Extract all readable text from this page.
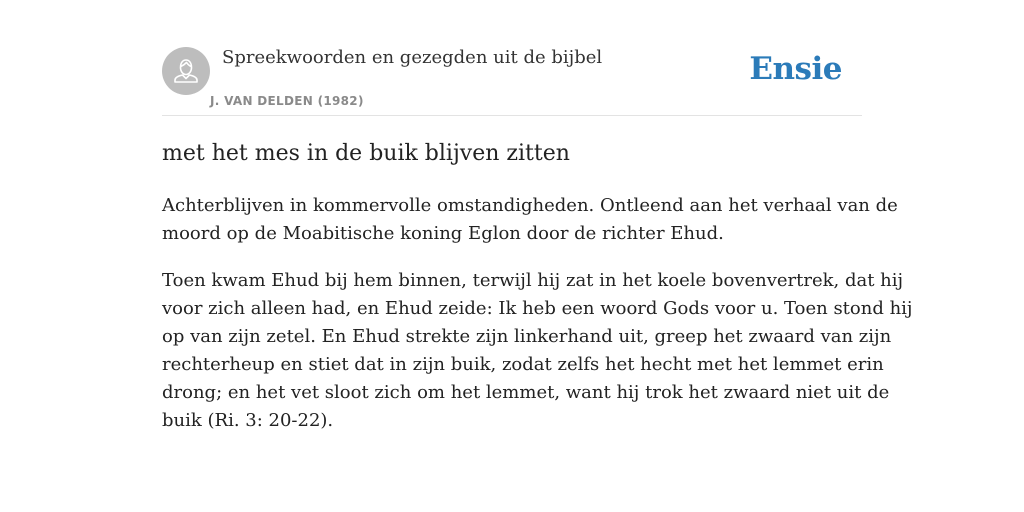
Spreekwoorden en gezegden uit de bijbel
J. VAN DELDEN (1982)
Ensie
met het mes in de buik blijven zitten

Achterblijven in kommervolle omstandigheden. Ontleend aan het verhaal van de
moord op de Moabitische koning Eglon door de richter Ehud.

Toen kwam Ehud bij hem binnen, terwijl hij zat in het koele bovenvertrek, dat hij
voor zich alleen had, en Ehud zeide: Ik heb een woord Gods voor u. Toen stond hij
op van zijn zetel. En Ehud strekte zijn linkerhand uit, greep het zwaard van zijn
rechterheup en stiet dat in zijn buik, zodat zelfs het hecht met het lemmet erin
drong; en het vet sloot zich om het lemmet, want hij trok het zwaard niet uit de
buik (Ri. 3: 20-22).
